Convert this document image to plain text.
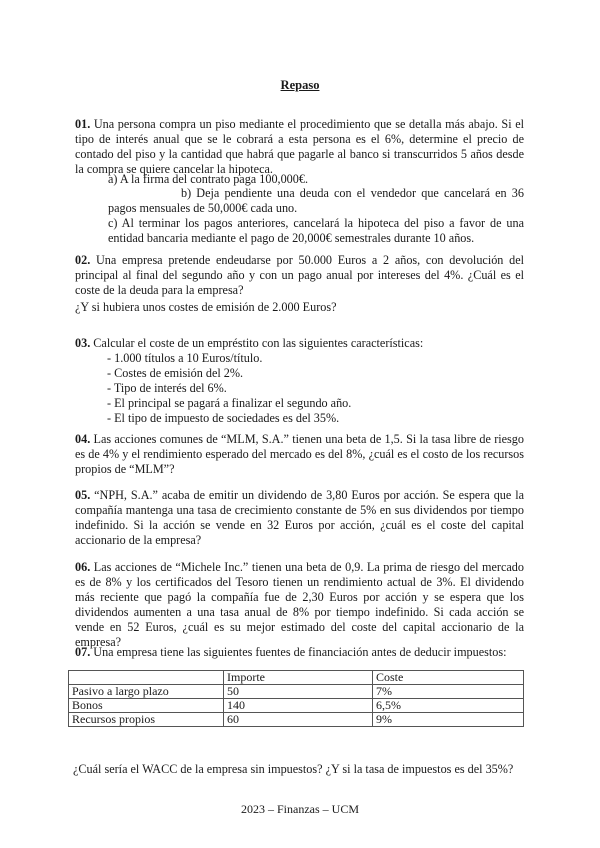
Repaso
01. Una persona compra un piso mediante el procedimiento que se detalla más abajo. Si el tipo de interés anual que se le cobrará a esta persona es el 6%, determine el precio de contado del piso y la cantidad que habrá que pagarle al banco si transcurridos 5 años desde la compra se quiere cancelar la hipoteca.
a) A la firma del contrato paga 100,000€.
b) Deja pendiente una deuda con el vendedor que cancelará en 36 pagos mensuales de 50,000€ cada uno.
c) Al terminar los pagos anteriores, cancelará la hipoteca del piso a favor de una entidad bancaria mediante el pago de 20,000€ semestrales durante 10 años.
02. Una empresa pretende endeudarse por 50.000 Euros a 2 años, con devolución del principal al final del segundo año y con un pago anual por intereses del 4%. ¿Cuál es el coste de la deuda para la empresa?
¿Y si hubiera unos costes de emisión de 2.000 Euros?
03. Calcular el coste de un empréstito con las siguientes características:
- 1.000 títulos a 10 Euros/título.
- Costes de emisión del 2%.
- Tipo de interés del 6%.
- El principal se pagará a finalizar el segundo año.
- El tipo de impuesto de sociedades es del 35%.
04. Las acciones comunes de “MLM, S.A.” tienen una beta de 1,5. Si la tasa libre de riesgo es de 4% y el rendimiento esperado del mercado es del 8%, ¿cuál es el costo de los recursos propios de “MLM”?
05. “NPH, S.A.” acaba de emitir un dividendo de 3,80 Euros por acción. Se espera que la compañía mantenga una tasa de crecimiento constante de 5% en sus dividendos por tiempo indefinido. Si la acción se vende en 32 Euros por acción, ¿cuál es el coste del capital accionario de la empresa?
06. Las acciones de “Michele Inc.” tienen una beta de 0,9. La prima de riesgo del mercado es de 8% y los certificados del Tesoro tienen un rendimiento actual de 3%. El dividendo más reciente que pagó la compañía fue de 2,30 Euros por acción y se espera que los dividendos aumenten a una tasa anual de 8% por tiempo indefinido. Si cada acción se vende en 52 Euros, ¿cuál es su mejor estimado del coste del capital accionario de la empresa?
07. Una empresa tiene las siguientes fuentes de financiación antes de deducir impuestos:
	Importe	Coste
Pasivo a largo plazo	50	7%
Bonos	140	6,5%
Recursos propios	60	9%
¿Cuál sería el WACC de la empresa sin impuestos? ¿Y si la tasa de impuestos es del 35%?
2023 – Finanzas – UCM
